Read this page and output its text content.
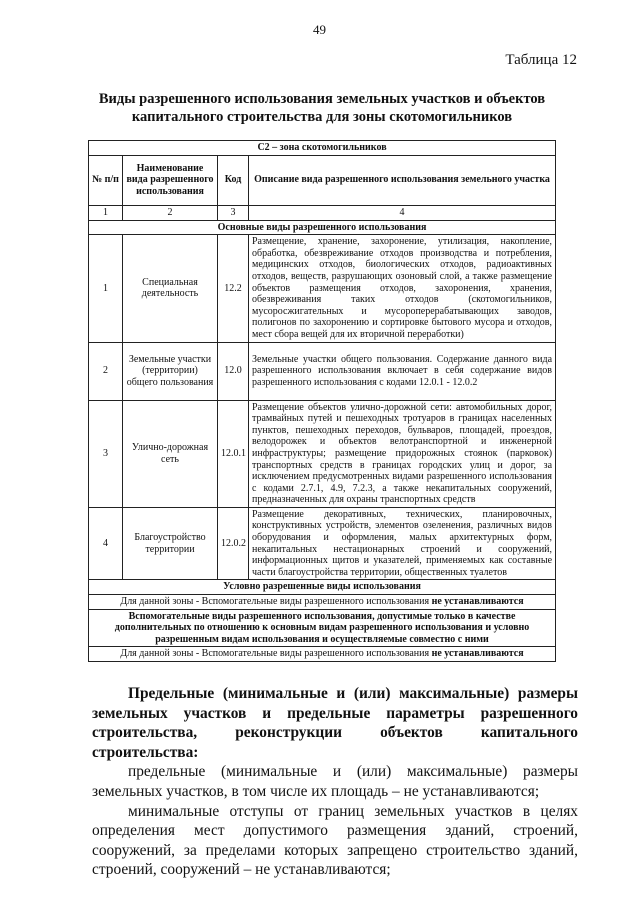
49
Таблица 12
Виды разрешенного использования земельных участков и объектов капитального строительства для зоны скотомогильников
С2 – зона скотомогильников			
№ п/п	Наименование вида разрешенного использования	Код	Описание вида разрешенного использования земельного участка
1	2	3	4
Основные виды разрешенного использования			
1	Специальная деятельность	12.2	Размещение, хранение, захоронение, утилизация, накопление, обработка, обезвреживание отходов производства и потребления, медицинских отходов, биологических отходов, радиоактивных отходов, веществ, разрушающих озоновый слой, а также размещение объектов размещения отходов, захоронения, хранения, обезвреживания таких отходов (скотомогильников, мусоросжигательных и мусороперерабатывающих заводов, полигонов по захоронению и сортировке бытового мусора и отходов, мест сбора вещей для их вторичной переработки)
2	Земельные участки (территории) общего пользования	12.0	Земельные участки общего пользования. Содержание данного вида разрешенного использования включает в себя содержание видов разрешенного использования с кодами 12.0.1 - 12.0.2
3	Улично-дорожная сеть	12.0.1	Размещение объектов улично-дорожной сети: автомобильных дорог, трамвайных путей и пешеходных тротуаров в границах населенных пунктов, пешеходных переходов, бульваров, площадей, проездов, велодорожек и объектов велотранспортной и инженерной инфраструктуры; размещение придорожных стоянок (парковок) транспортных средств в границах городских улиц и дорог, за исключением предусмотренных видами разрешенного использования с кодами 2.7.1, 4.9, 7.2.3, а также некапитальных сооружений, предназначенных для охраны транспортных средств
4	Благоустройство территории	12.0.2	Размещение декоративных, технических, планировочных, конструктивных устройств, элементов озеленения, различных видов оборудования и оформления, малых архитектурных форм, некапитальных нестационарных строений и сооружений, информационных щитов и указателей, применяемых как составные части благоустройства территории, общественных туалетов
Условно разрешенные виды использования			
Для данной зоны - Вспомогательные виды разрешенного использования не устанавливаются			
Вспомогательные виды разрешенного использования, допустимые только в качестве дополнительных по отношению к основным видам разрешенного использования и условно разрешенным видам использования и осуществляемые совместно с ними			
Для данной зоны - Вспомогательные виды разрешенного использования не устанавливаются			

Предельные (минимальные и (или) максимальные) размеры земельных участков и предельные параметры разрешенного строительства, реконструкции объектов капитального строительства:

предельные (минимальные и (или) максимальные) размеры земельных участков, в том числе их площадь – не устанавливаются;

минимальные отступы от границ земельных участков в целях определения мест допустимого размещения зданий, строений, сооружений, за пределами которых запрещено строительство зданий, строений, сооружений – не устанавливаются;
